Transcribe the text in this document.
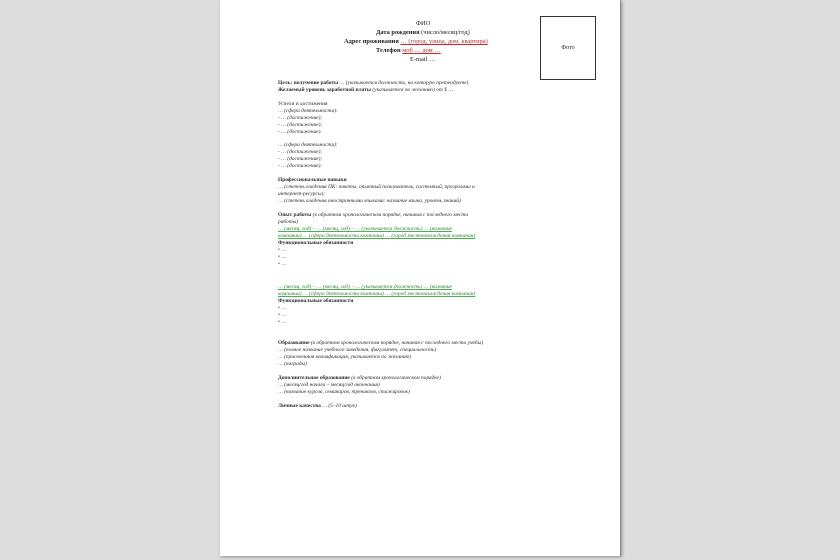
ФИО
Дата рождения (число/месяц/год)
Адрес проживания … (город, улица, дом, квартира)
Телефон моб … дом …
E-mail …
Фото

Цель: получение работы … (указывается должность, на которую претендуете)

Желаемый уровень заработной платы (указывается по желанию) от $ …

Успехи и достижения

… (сфера деятельности):

- … (достижение);

- … (достижение);

- … (достижение).

… (сфера деятельности):

- … (достижение);

- … (достижение);

- … (достижение).

Профессиональные навыки

… (степень владения ПК: пакеты, опытный пользователь, системный, программы и

интернет-ресурсы);

… (степень владения иностранными языками: название языка, уровень знаний)

Опыт работы (в обратном хронологическом порядке, начиная с последнего места

работы)

… (месяц, год) – … (месяц, год) – … (указывается должность) … (название

компании) … (сфера деятельности компании) … (город местонахождения компании)

Функциональные обязанности

• …

• …

• …

… (месяц, год) – … (месяц, год) – … (указывается должность) … (название

компании) … (сфера деятельности компании) … (город местонахождения компании)

Функциональные обязанности

• …

• …

• …

Образование (в обратном хронологическом порядке, начиная с последнего места учебы)

… (полное название учебного заведения, факультет, специальность)

… (присвоенная квалификация, указывается по желанию)

… (награды)

Дополнительное образование (в обратном хронологическом порядке)

… (месяц/год начала – месяц/год окончания)

… (название курсов, семинаров, тренингов, стажировок)

Личные качества … (5–10 штук)
